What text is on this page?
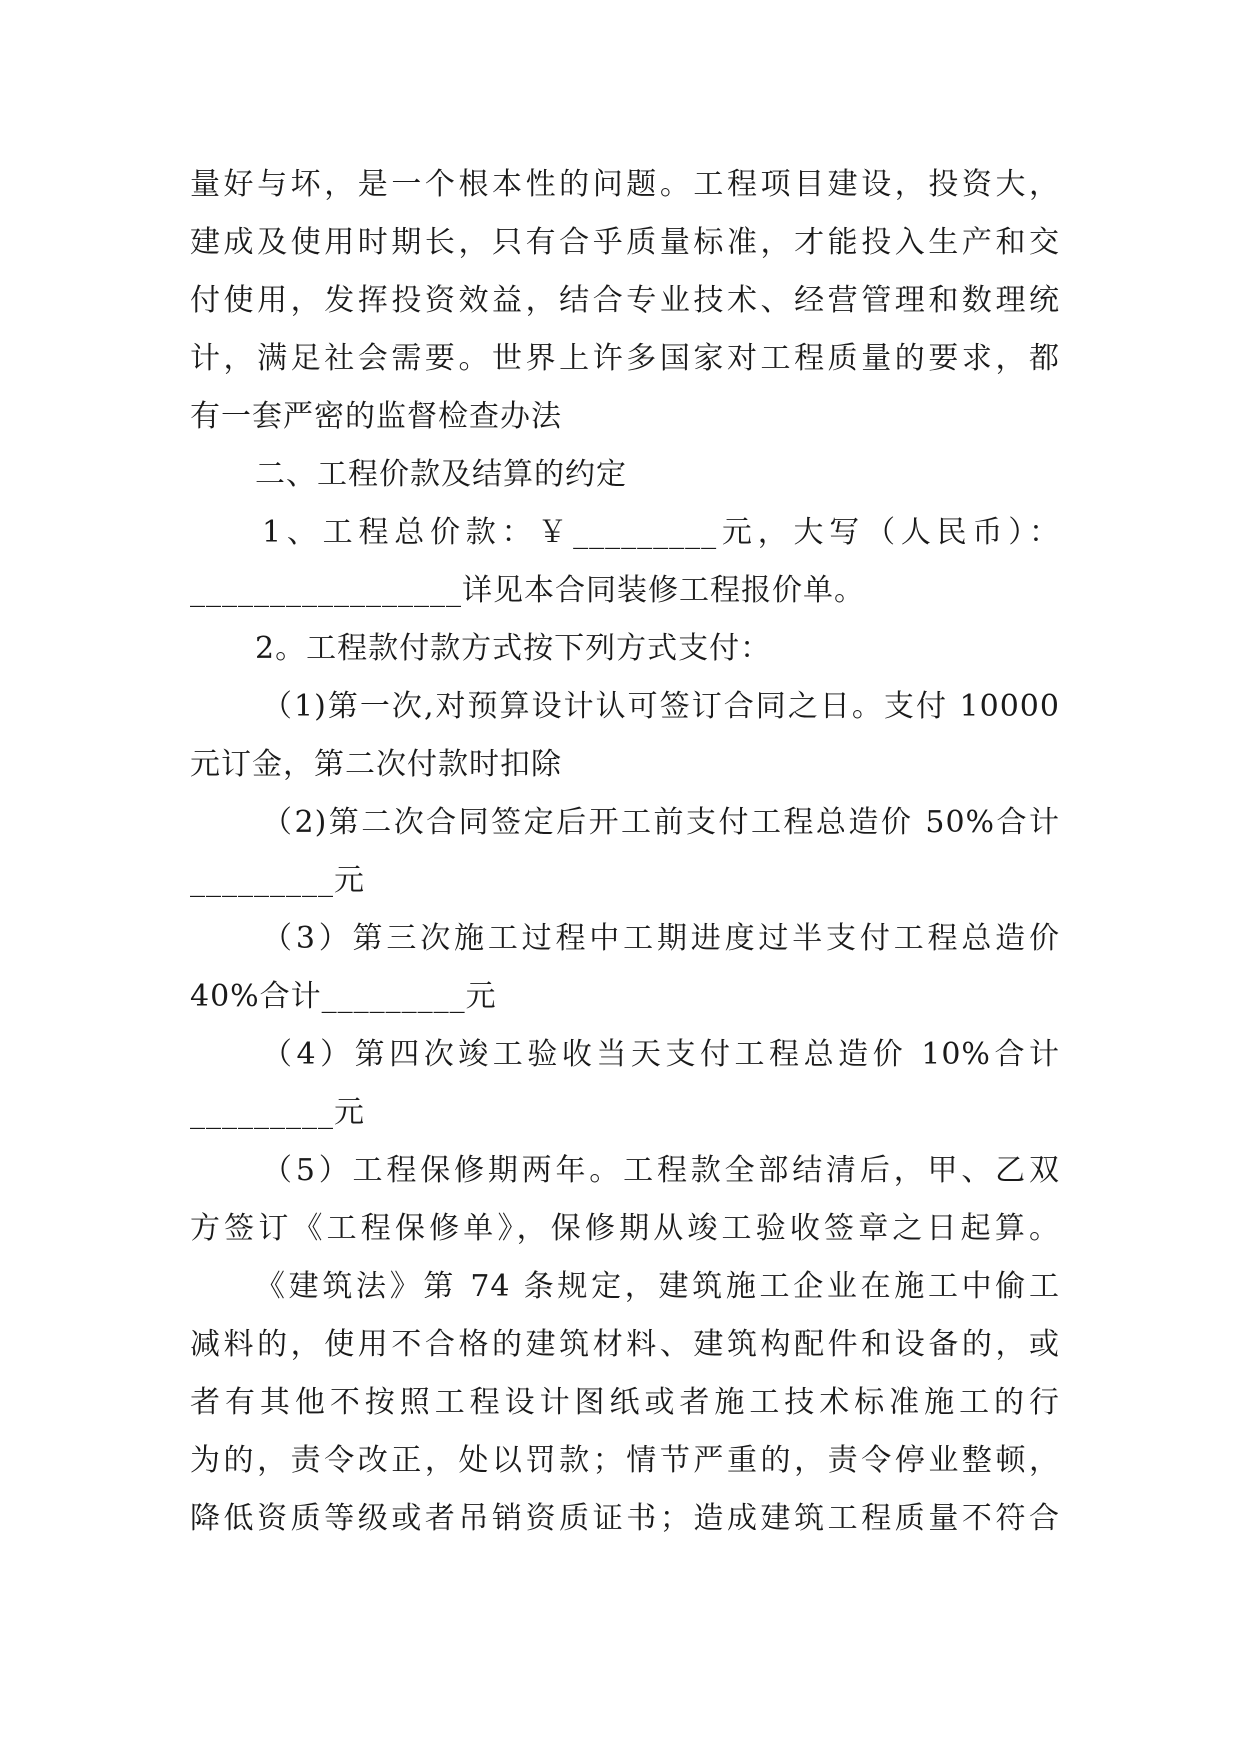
量好与坏，是一个根本性的问题。工程项目建设，投资大，
建成及使用时期长，只有合乎质量标准，才能投入生产和交
付使用，发挥投资效益，结合专业技术、经营管理和数理统
计，满足社会需要。世界上许多国家对工程质量的要求，都
有一套严密的监督检查办法
二、工程价款及结算的约定
1、工程总价款：￥_________元，大写（人民币）：
_________________详见本合同装修工程报价单。
2。工程款付款方式按下列方式支付：
（1)第一次,对预算设计认可签订合同之日。支付 10000
元订金，第二次付款时扣除
（2)第二次合同签定后开工前支付工程总造价 50%合计
_________元
（3）第三次施工过程中工期进度过半支付工程总造价
40%合计_________元
（4）第四次竣工验收当天支付工程总造价 10%合计
_________元
（5）工程保修期两年。工程款全部结清后，甲、乙双
方签订《工程保修单》，保修期从竣工验收签章之日起算。
《建筑法》第 74 条规定，建筑施工企业在施工中偷工
减料的，使用不合格的建筑材料、建筑构配件和设备的，或
者有其他不按照工程设计图纸或者施工技术标准施工的行
为的，责令改正，处以罚款；情节严重的，责令停业整顿，
降低资质等级或者吊销资质证书；造成建筑工程质量不符合
